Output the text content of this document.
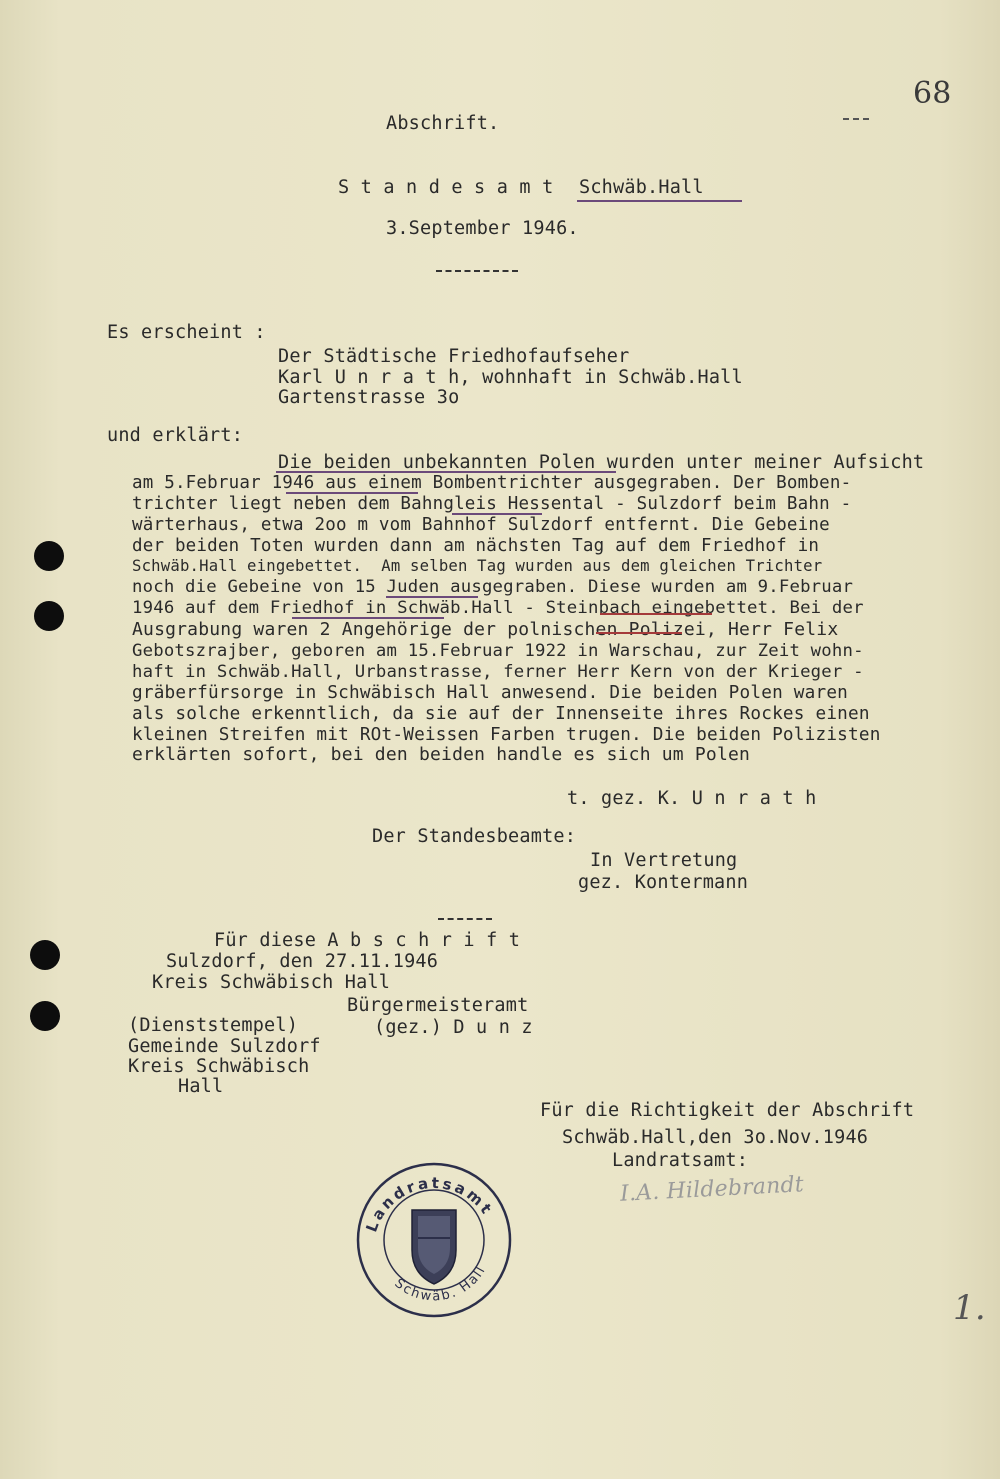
68
Abschrift.
S t a n d e s a m t Schwäb.Hall
3.September 1946.
Es erscheint :
Der Städtische Friedhofaufseher
Karl U n r a t h, wohnhaft in Schwäb.Hall
Gartenstrasse 3o
und erklärt:
Die beiden unbekannten Polen wurden unter meiner Aufsicht
am 5.Februar 1946 aus einem Bombentrichter ausgegraben. Der Bomben-
trichter liegt neben dem Bahngleis Hessental - Sulzdorf beim Bahn -
wärterhaus, etwa 2oo m vom Bahnhof Sulzdorf entfernt. Die Gebeine
der beiden Toten wurden dann am nächsten Tag auf dem Friedhof in
Schwäb.Hall eingebettet.  Am selben Tag wurden aus dem gleichen Trichter
noch die Gebeine von 15 Juden ausgegraben. Diese wurden am 9.Februar
1946 auf dem Friedhof in Schwäb.Hall - Steinbach eingebettet. Bei der
Ausgrabung waren 2 Angehörige der polnischen Polizei, Herr Felix
Gebotszrajber, geboren am 15.Februar 1922 in Warschau, zur Zeit wohn-
haft in Schwäb.Hall, Urbanstrasse, ferner Herr Kern von der Krieger -
gräberfürsorge in Schwäbisch Hall anwesend. Die beiden Polen waren
als solche erkenntlich, da sie auf der Innenseite ihres Rockes einen
kleinen Streifen mit ROt-Weissen Farben trugen. Die beiden Polizisten
erklärten sofort, bei den beiden handle es sich um Polen
t. gez. K. U n r a t h
Der Standesbeamte:
In Vertretung
gez. Kontermann
Für diese A b s c h r i f t
Sulzdorf, den 27.11.1946
Kreis Schwäbisch Hall
Bürgermeisteramt
(Dienststempel)	(gez.) D u n z
Gemeinde Sulzdorf
Kreis Schwäbisch
Hall
Für die Richtigkeit der Abschrift
Schwäb.Hall,den 3o.Nov.1946
Landratsamt:
I.A. Hildebrandt
Landratsamt
Schwäb. Hall
1.
